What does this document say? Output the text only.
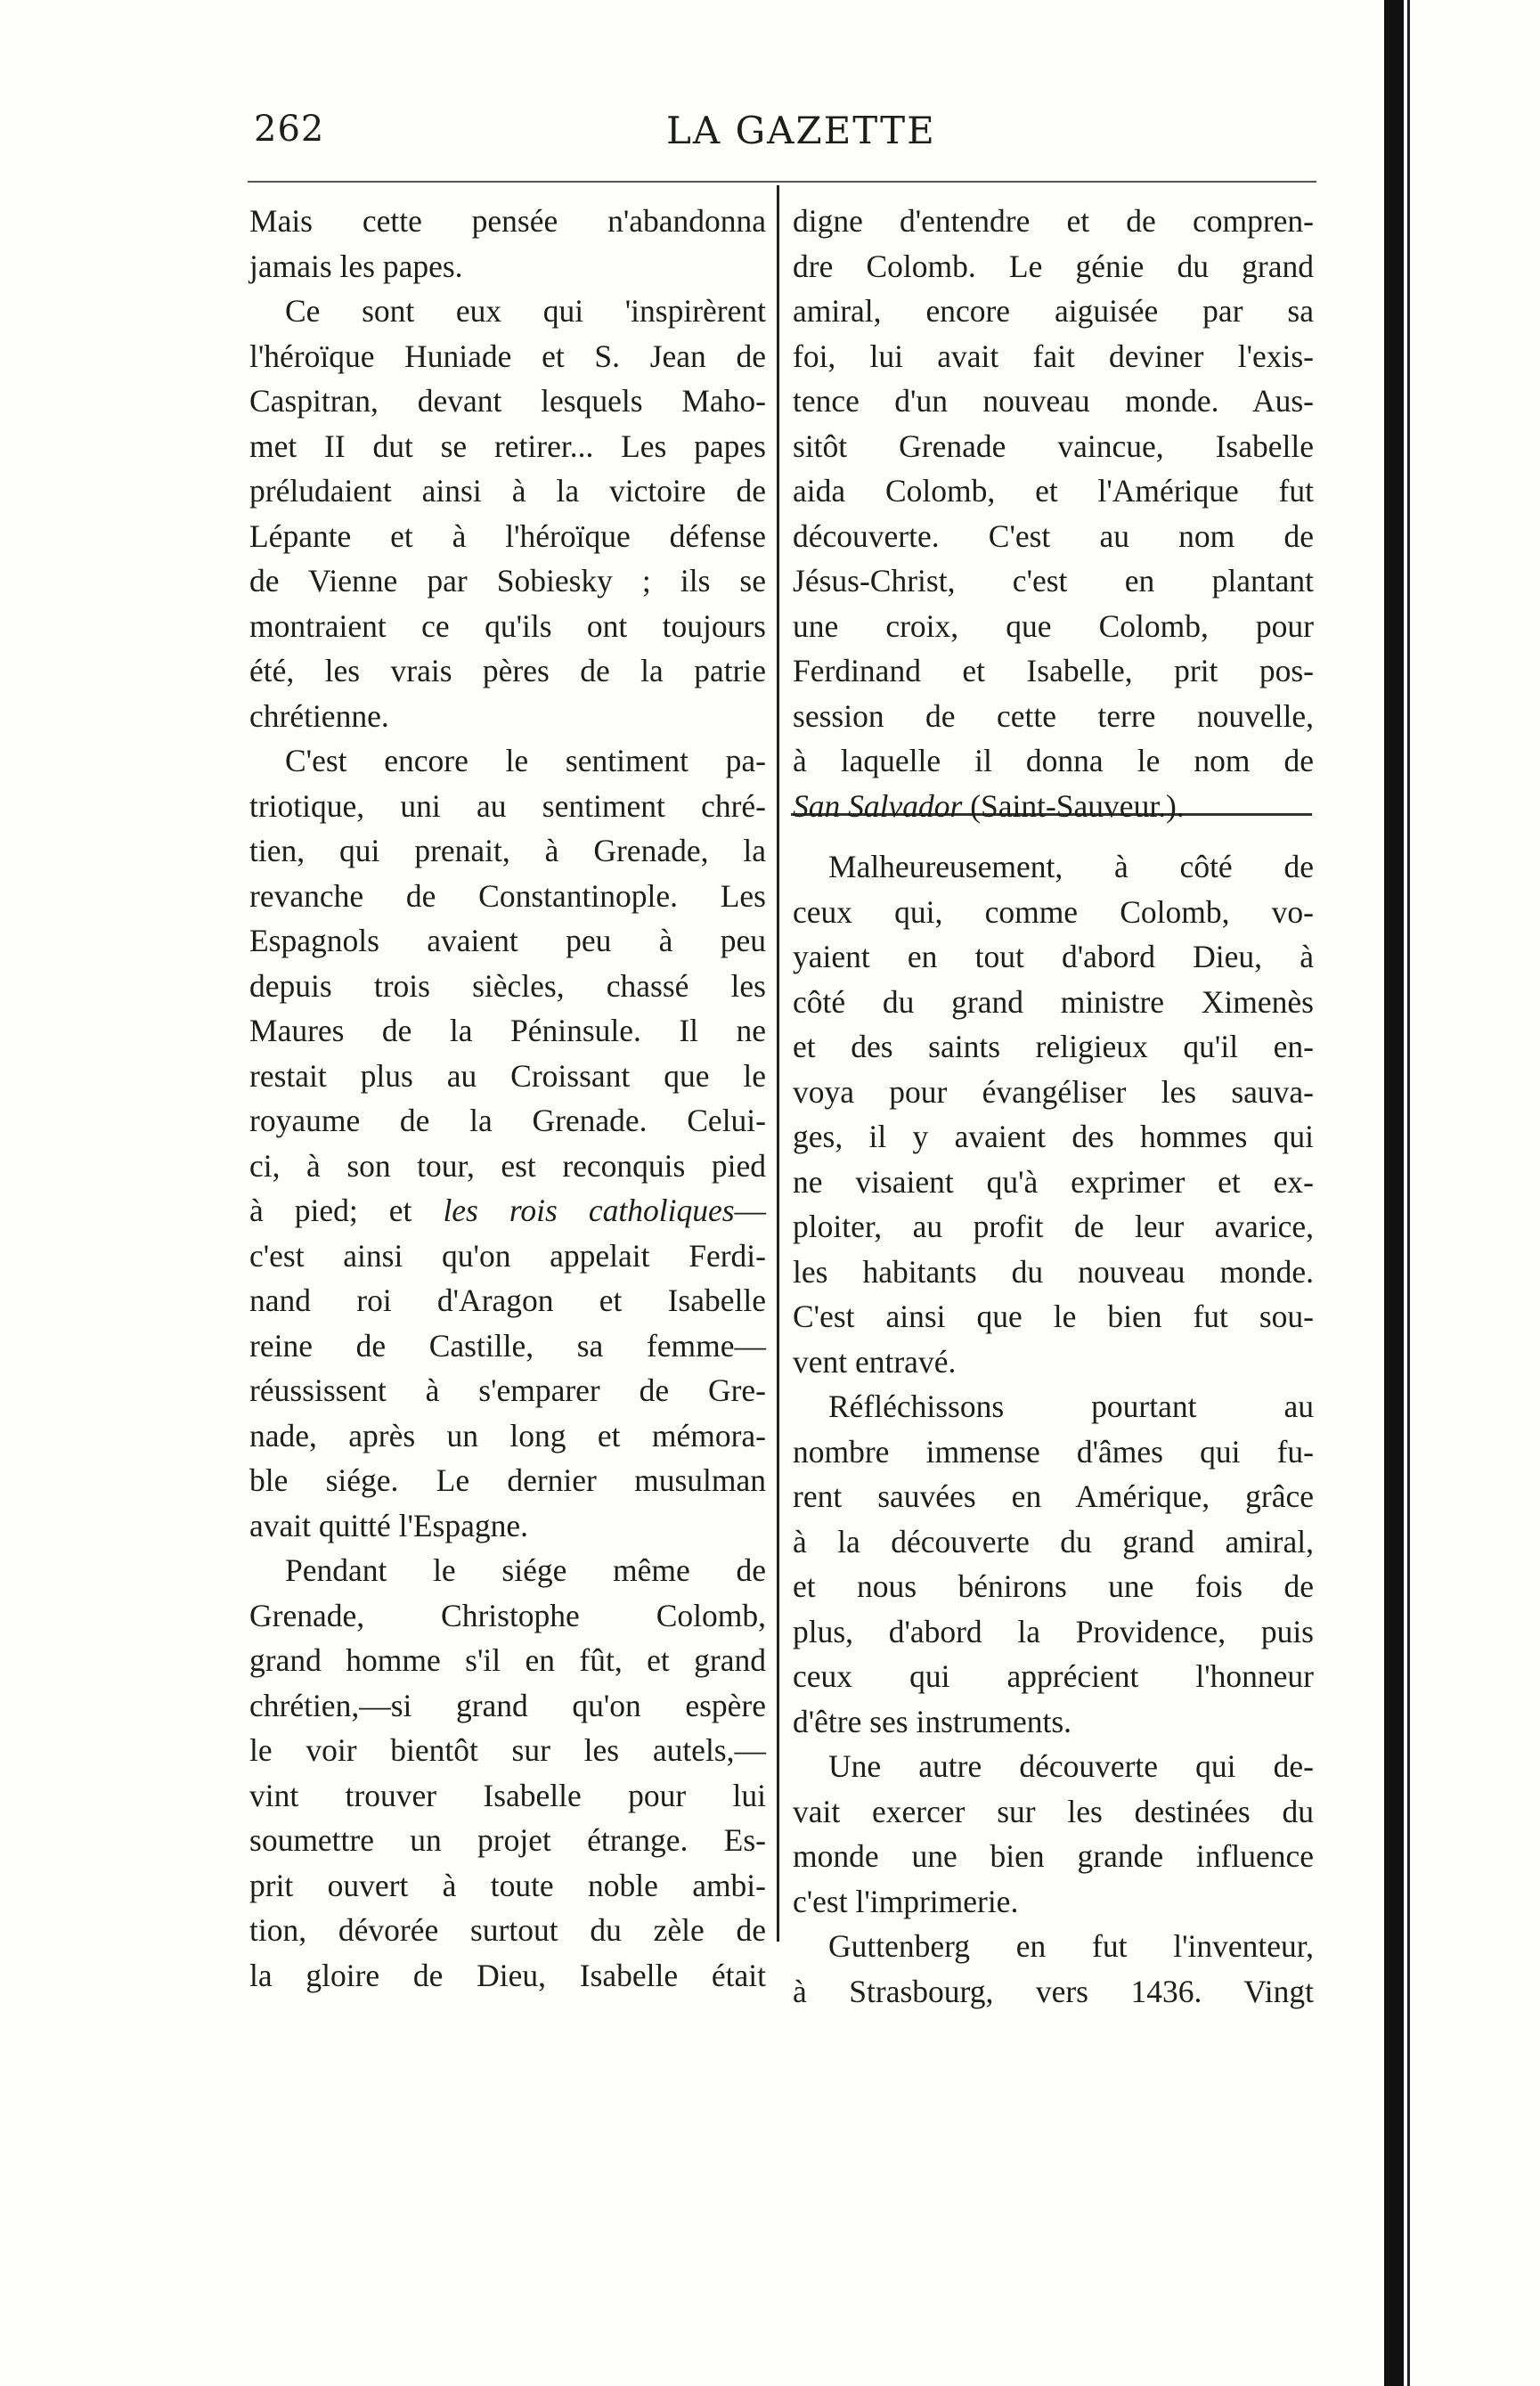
262	LA GAZETTE
Mais cette pensée n'abandonna
jamais les papes.
Ce sont eux qui 'inspirèrent
l'héroïque Huniade et S. Jean de
Caspitran, devant lesquels Maho-
met II dut se retirer... Les papes
préludaient ainsi à la victoire de
Lépante et à l'héroïque défense
de Vienne par Sobiesky ; ils se
montraient ce qu'ils ont toujours
été, les vrais pères de la patrie
chrétienne.
C'est encore le sentiment pa-
triotique, uni au sentiment chré-
tien, qui prenait, à Grenade, la
revanche de Constantinople. Les
Espagnols avaient peu à peu
depuis trois siècles, chassé les
Maures de la Péninsule. Il ne
restait plus au Croissant que le
royaume de la Grenade. Celui-
ci, à son tour, est reconquis pied
à pied; et les rois catholiques—
c'est ainsi qu'on appelait Ferdi-
nand roi d'Aragon et Isabelle
reine de Castille, sa femme—
réussissent à s'emparer de Gre-
nade, après un long et mémora-
ble siége. Le dernier musulman
avait quitté l'Espagne.
Pendant le siége même de
Grenade, Christophe Colomb,
grand homme s'il en fût, et grand
chrétien,—si grand qu'on espère
le voir bientôt sur les autels,—
vint trouver Isabelle pour lui
soumettre un projet étrange. Es-
prit ouvert à toute noble ambi-
tion, dévorée surtout du zèle de
la gloire de Dieu, Isabelle était
digne d'entendre et de compren-
dre Colomb. Le génie du grand
amiral, encore aiguisée par sa
foi, lui avait fait deviner l'exis-
tence d'un nouveau monde. Aus-
sitôt Grenade vaincue, Isabelle
aida Colomb, et l'Amérique fut
découverte. C'est au nom de
Jésus-Christ, c'est en plantant
une croix, que Colomb, pour
Ferdinand et Isabelle, prit pos-
session de cette terre nouvelle,
à laquelle il donna le nom de
San Salvador (Saint-Sauveur.).
Malheureusement, à côté de
ceux qui, comme Colomb, vo-
yaient en tout d'abord Dieu, à
côté du grand ministre Ximenès
et des saints religieux qu'il en-
voya pour évangéliser les sauva-
ges, il y avaient des hommes qui
ne visaient qu'à exprimer et ex-
ploiter, au profit de leur avarice,
les habitants du nouveau monde.
C'est ainsi que le bien fut sou-
vent entravé.
Réfléchissons pourtant au
nombre immense d'âmes qui fu-
rent sauvées en Amérique, grâce
à la découverte du grand amiral,
et nous bénirons une fois de
plus, d'abord la Providence, puis
ceux qui apprécient l'honneur
d'être ses instruments.
Une autre découverte qui de-
vait exercer sur les destinées du
monde une bien grande influence
c'est l'imprimerie.
Guttenberg en fut l'inventeur,
à Strasbourg, vers 1436. Vingt
